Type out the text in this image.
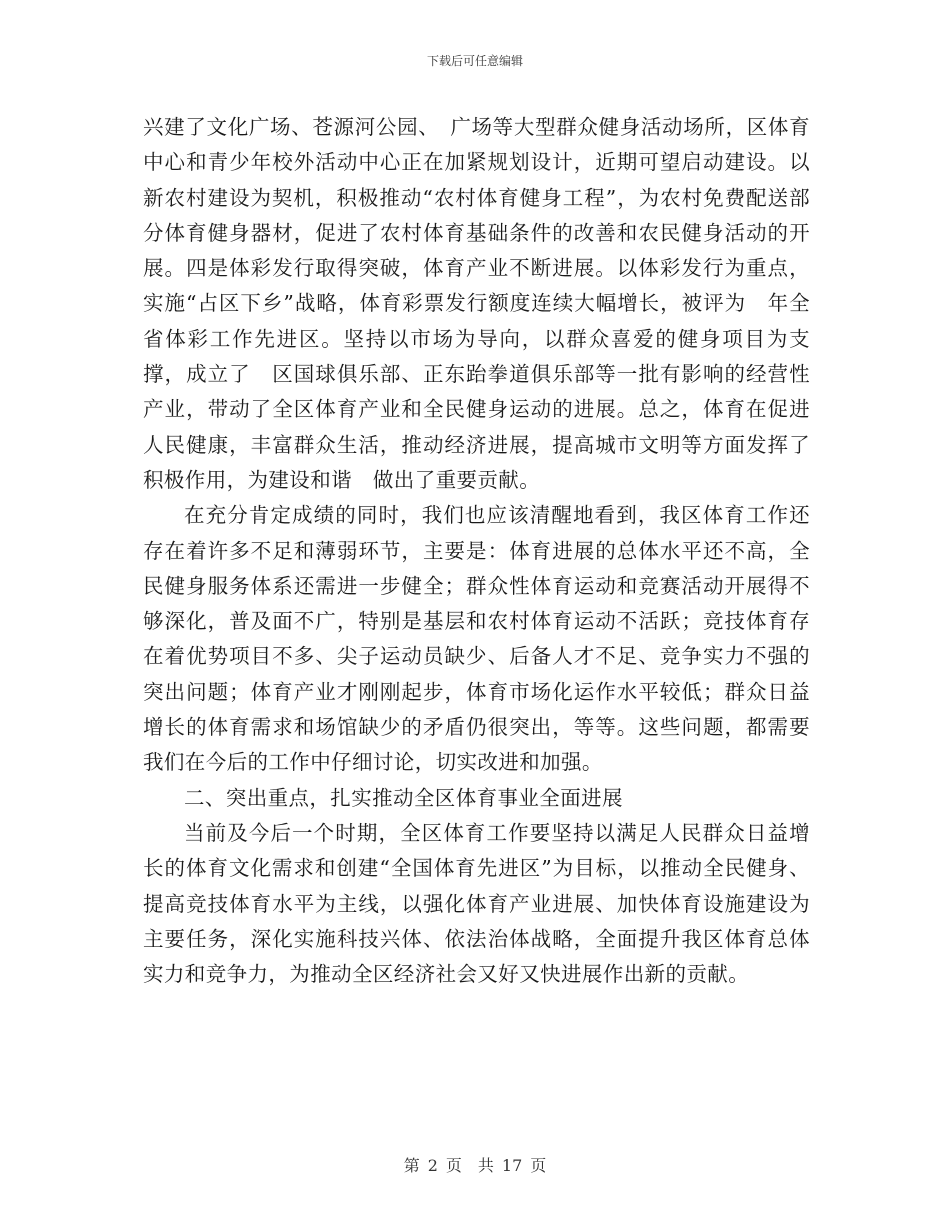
下载后可任意编辑

兴建了文化广场、苍源河公园、　广场等大型群众健身活动场所，区体育中心和青少年校外活动中心正在加紧规划设计，近期可望启动建设。以新农村建设为契机，积极推动“农村体育健身工程”，为农村免费配送部分体育健身器材，促进了农村体育基础条件的改善和农民健身活动的开展。四是体彩发行取得突破，体育产业不断进展。以体彩发行为重点，实施“占区下乡”战略，体育彩票发行额度连续大幅增长，被评为　年全省体彩工作先进区。坚持以市场为导向，以群众喜爱的健身项目为支撑，成立了　区国球俱乐部、正东跆拳道俱乐部等一批有影响的经营性产业，带动了全区体育产业和全民健身运动的进展。总之，体育在促进人民健康，丰富群众生活，推动经济进展，提高城市文明等方面发挥了积极作用，为建设和谐　做出了重要贡献。

在充分肯定成绩的同时，我们也应该清醒地看到，我区体育工作还存在着许多不足和薄弱环节，主要是：体育进展的总体水平还不高，全民健身服务体系还需进一步健全；群众性体育运动和竞赛活动开展得不够深化，普及面不广，特别是基层和农村体育运动不活跃；竞技体育存在着优势项目不多、尖子运动员缺少、后备人才不足、竞争实力不强的突出问题；体育产业才刚刚起步，体育市场化运作水平较低；群众日益增长的体育需求和场馆缺少的矛盾仍很突出，等等。这些问题，都需要我们在今后的工作中仔细讨论，切实改进和加强。

二、突出重点，扎实推动全区体育事业全面进展

当前及今后一个时期，全区体育工作要坚持以满足人民群众日益增长的体育文化需求和创建“全国体育先进区”为目标，以推动全民健身、提高竞技体育水平为主线，以强化体育产业进展、加快体育设施建设为主要任务，深化实施科技兴体、依法治体战略，全面提升我区体育总体实力和竞争力，为推动全区经济社会又好又快进展作出新的贡献。

第 2 页　共 17 页
